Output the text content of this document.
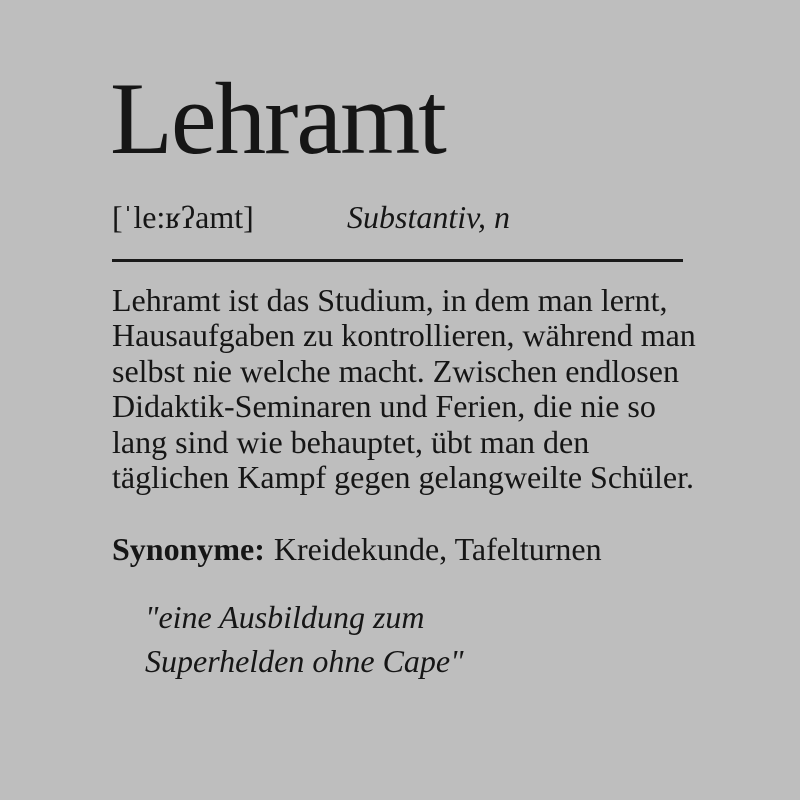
Lehramt
[ˈle:ʁʔamt]	Substantiv, n
Lehramt ist das Studium, in dem man lernt,
Hausaufgaben zu kontrollieren, während man
selbst nie welche macht. Zwischen endlosen
Didaktik-Seminaren und Ferien, die nie so
lang sind wie behauptet, übt man den
täglichen Kampf gegen gelangweilte Schüler.
Synonyme: Kreidekunde, Tafelturnen
"eine Ausbildung zum
Superhelden ohne Cape"
